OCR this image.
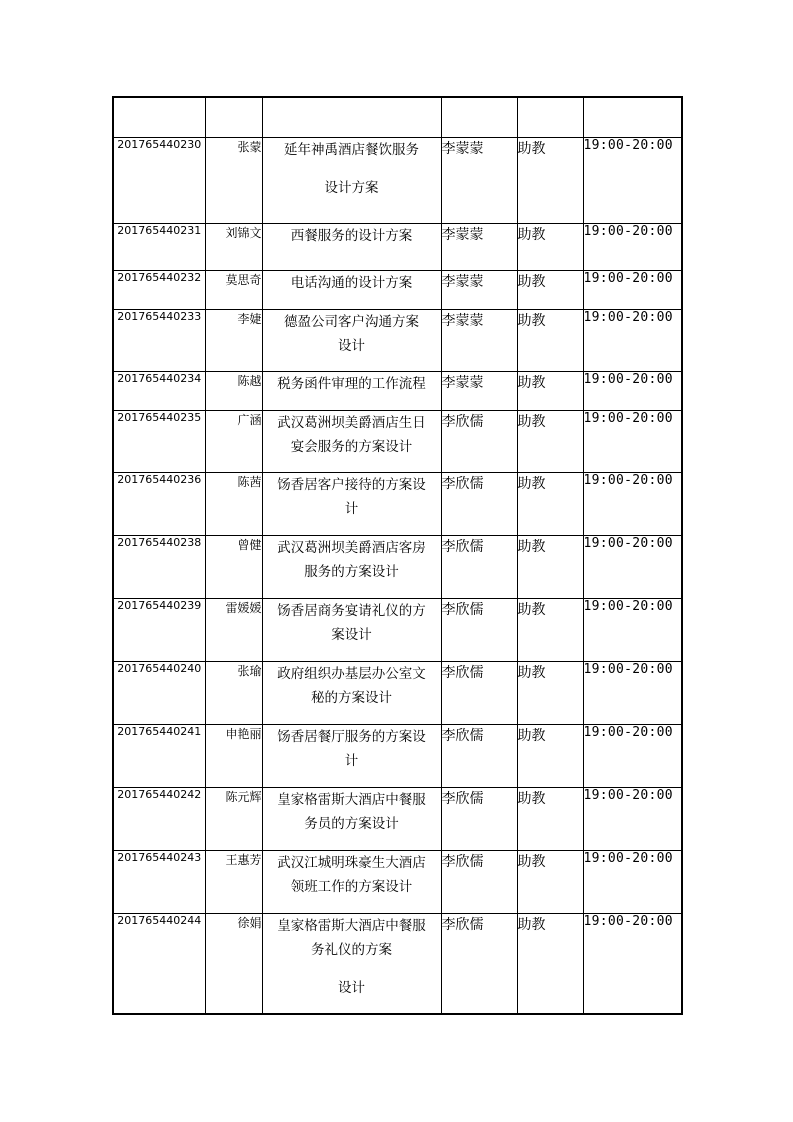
201765440230	张蒙	延年神禹酒店餐饮服务
设计方案	李蒙蒙	助教	19:00-20:00
201765440231	刘锦文	西餐服务的设计方案	李蒙蒙	助教	19:00-20:00
201765440232	莫思奇	电话沟通的设计方案	李蒙蒙	助教	19:00-20:00
201765440233	李婕	德盈公司客户沟通方案
设计	李蒙蒙	助教	19:00-20:00
201765440234	陈越	税务函件审理的工作流程	李蒙蒙	助教	19:00-20:00
201765440235	广涵	武汉葛洲坝美爵酒店生日
宴会服务的方案设计	李欣儒	助教	19:00-20:00
201765440236	陈茜	饧香居客户接待的方案设
计	李欣儒	助教	19:00-20:00
201765440238	曾健	武汉葛洲坝美爵酒店客房
服务的方案设计	李欣儒	助教	19:00-20:00
201765440239	雷媛媛	饧香居商务宴请礼仪的方
案设计	李欣儒	助教	19:00-20:00
201765440240	张瑜	政府组织办基层办公室文
秘的方案设计	李欣儒	助教	19:00-20:00
201765440241	申艳丽	饧香居餐厅服务的方案设
计	李欣儒	助教	19:00-20:00
201765440242	陈元辉	皇家格雷斯大酒店中餐服
务员的方案设计	李欣儒	助教	19:00-20:00
201765440243	王惠芳	武汉江城明珠豪生大酒店
领班工作的方案设计	李欣儒	助教	19:00-20:00
201765440244	徐娟	皇家格雷斯大酒店中餐服
务礼仪的方案
设计	李欣儒	助教	19:00-20:00
